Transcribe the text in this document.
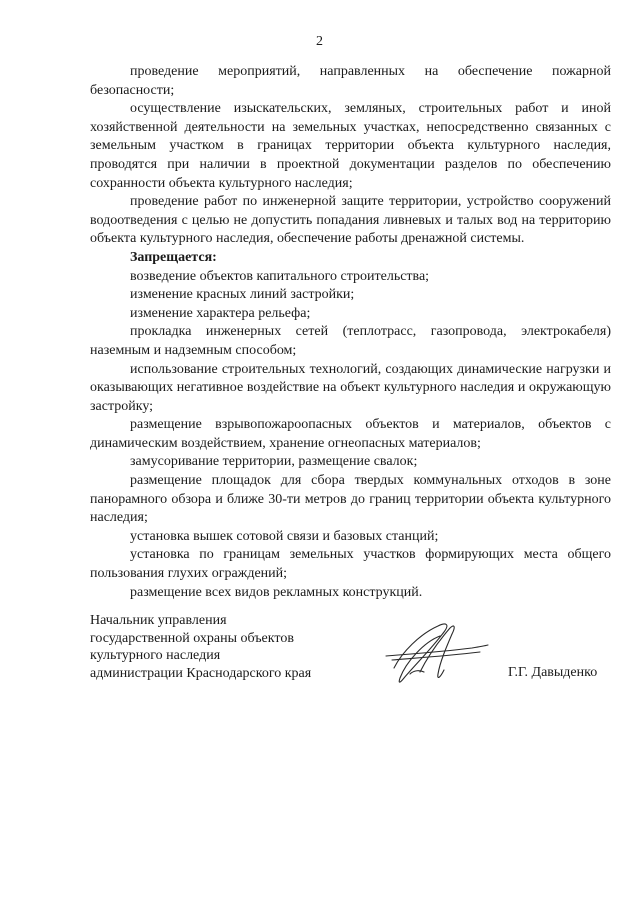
2

проведение мероприятий, направленных на обеспечение пожарной безопасности;

осуществление изыскательских, земляных, строительных работ и иной хозяйственной деятельности на земельных участках, непосредственно связанных с земельным участком в границах территории объекта культурного наследия, проводятся при наличии в проектной документации разделов по обеспечению сохранности объекта культурного наследия;

проведение работ по инженерной защите территории, устройство сооружений водоотведения с целью не допустить попадания ливневых и талых вод на территорию объекта культурного наследия, обеспечение работы дренажной системы.

Запрещается:

возведение объектов капитального строительства;

изменение красных линий застройки;

изменение характера рельефа;

прокладка инженерных сетей (теплотрасс, газопровода, электрокабеля) наземным и надземным способом;

использование строительных технологий, создающих динамические нагрузки и оказывающих негативное воздействие на объект культурного наследия и окружающую застройку;

размещение взрывопожароопасных объектов и материалов, объектов с динамическим воздействием, хранение огнеопасных материалов;

замусоривание территории, размещение свалок;

размещение площадок для сбора твердых коммунальных отходов в зоне панорамного обзора и ближе 30-ти метров до границ территории объекта культурного наследия;

установка вышек сотовой связи и базовых станций;

установка по границам земельных участков формирующих места общего пользования глухих ограждений;

размещение всех видов рекламных конструкций.

Начальник управления
государственной охраны объектов
культурного наследия
администрации Краснодарского края	Г.Г. Давыденко
